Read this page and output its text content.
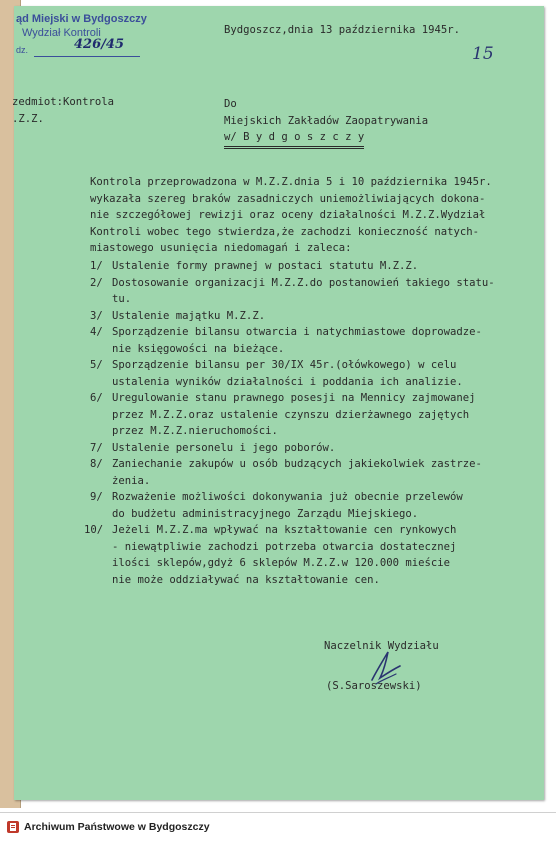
ąd Miejski w Bydgoszczy
Wydział Kontroli
dz.	426/45
Bydgoszcz,dnia 13 października 1945r.
15
zedmiot:Kontrola
.Z.Z.
Do
Miejskich Zakładów Zaopatrywania
w/ B y d g o s z c z y
Kontrola przeprowadzona w M.Z.Z.dnia 5 i 10 października 1945r.
wykazała szereg braków zasadniczych uniemożliwiających dokona-
nie szczegółowej rewizji oraz oceny działalności M.Z.Z.Wydział
Kontroli wobec tego stwierdza,że zachodzi konieczność natych-
miastowego usunięcia niedomagań i zaleca:
1/ Ustalenie formy prawnej w postaci statutu M.Z.Z.
2/ Dostosowanie organizacji M.Z.Z.do postanowień takiego statu-
tu.
3/ Ustalenie majątku M.Z.Z.
4/ Sporządzenie bilansu otwarcia i natychmiastowe doprowadze-
nie księgowości na bieżące.
5/ Sporządzenie bilansu per 30/IX 45r.(ołówkowego) w celu
ustalenia wyników działalności i poddania ich analizie.
6/ Uregulowanie stanu prawnego posesji na Mennicy zajmowanej
przez M.Z.Z.oraz ustalenie czynszu dzierżawnego zajętych
przez M.Z.Z.nieruchomości.
7/ Ustalenie personelu i jego poborów.
8/ Zaniechanie zakupów u osób budzących jakiekolwiek zastrze-
żenia.
9/ Rozważenie możliwości dokonywania już obecnie przelewów
do budżetu administracyjnego Zarządu Miejskiego.
10/ Jeżeli M.Z.Z.ma wpływać na kształtowanie cen rynkowych
- niewątpliwie zachodzi potrzeba otwarcia dostatecznej
ilości sklepów,gdyż 6 sklepów M.Z.Z.w 120.000 mieście
nie może oddziaływać na kształtowanie cen.
Naczelnik Wydziału
(S.Saroszewski)
Archiwum Państwowe w Bydgoszczy
